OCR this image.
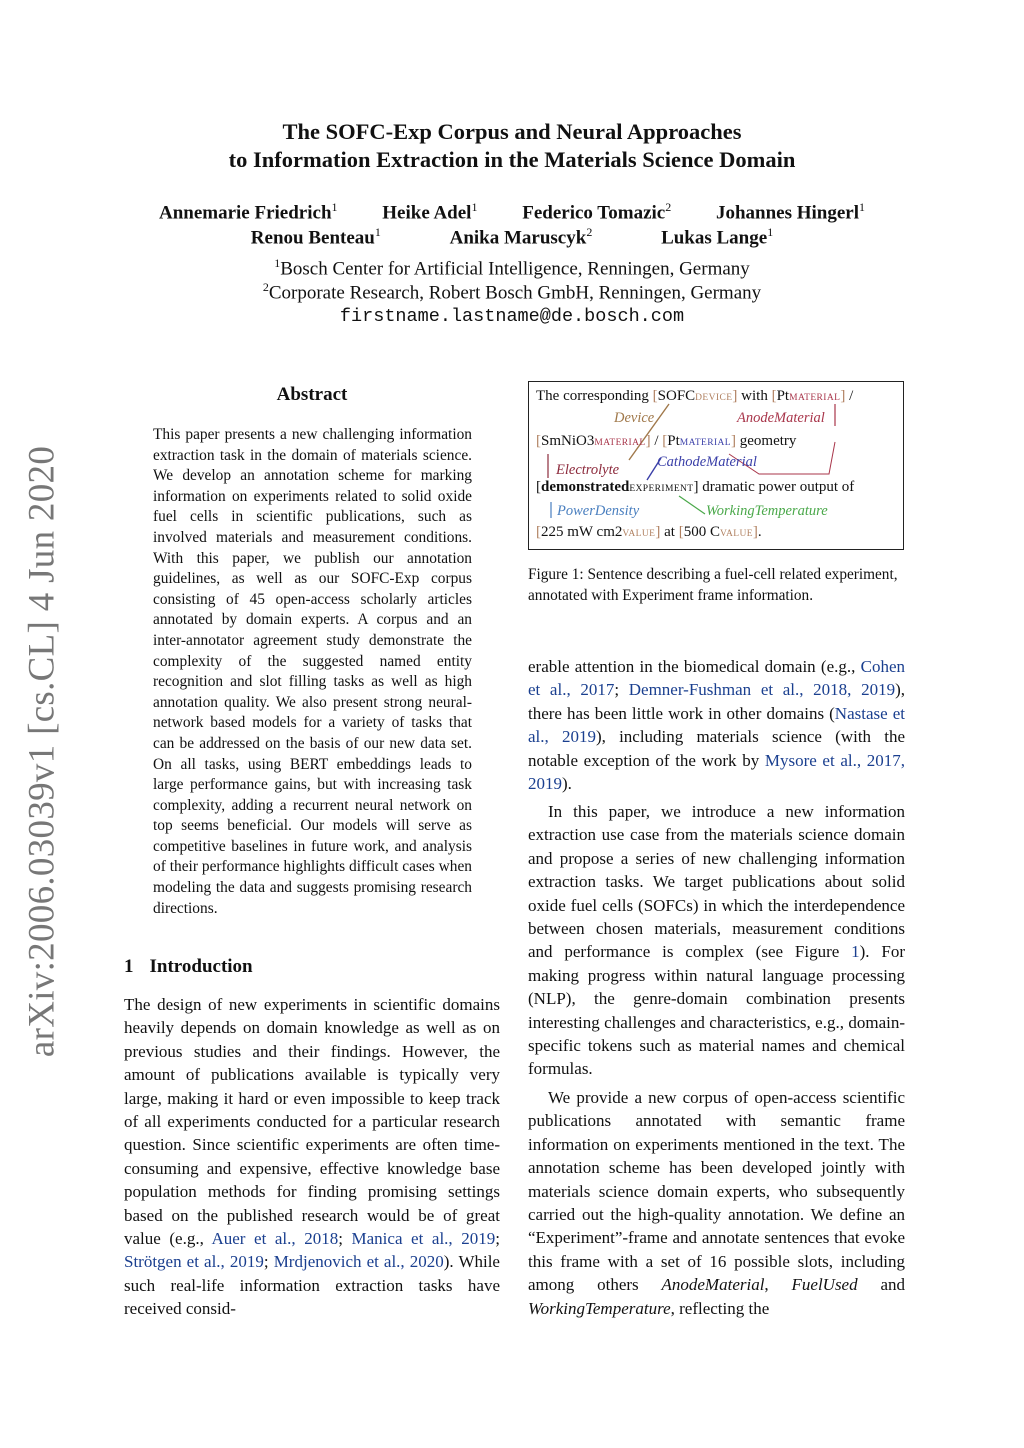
arXiv:2006.03039v1 [cs.CL] 4 Jun 2020
The SOFC-Exp Corpus and Neural Approaches
to Information Extraction in the Materials Science Domain
Annemarie Friedrich$^1$ Heike Adel$^1$ Federico Tomazic$^2$ Johannes Hingerl$^1$
Renou Benteau$^1$	Anika Maruscyk$^2$	Lukas Lange$^1$
$^1$Bosch Center for Artificial Intelligence, Renningen, Germany
$^2$Corporate Research, Robert Bosch GmbH, Renningen, Germany
firstname.lastname@de.bosch.com
Abstract
This paper presents a new challenging information extraction task in the domain of materials science. We develop an annotation scheme for marking information on experiments related to solid oxide fuel cells in scientific publications, such as involved materials and measurement conditions. With this paper, we publish our annotation guidelines, as well as our SOFC-Exp corpus consisting of 45 open-access scholarly articles annotated by domain experts. A corpus and an inter-annotator agreement study demonstrate the complexity of the suggested named entity recognition and slot filling tasks as well as high annotation quality. We also present strong neural-network based models for a variety of tasks that can be addressed on the basis of our new data set. On all tasks, using BERT embeddings leads to large performance gains, but with increasing task complexity, adding a recurrent neural network on top seems beneficial. Our models will serve as competitive baselines in future work, and analysis of their performance highlights difficult cases when modeling the data and suggests promising research directions.
1 Introduction
The design of new experiments in scientific domains heavily depends on domain knowledge as well as on previous studies and their findings. However, the amount of publications available is typically very large, making it hard or even impossible to keep track of all experiments conducted for a particular research question. Since scientific experiments are often time-consuming and expensive, effective knowledge base population methods for finding promising settings based on the published research would be of great value (e.g., Auer et al., 2018; Manica et al., 2019; Strötgen et al., 2019; Mrdjenovich et al., 2020). While such real-life information extraction tasks have received consid-
The corresponding [SOFCDEVICE] with [PtMATERIAL] /
Device	AnodeMaterial
[SmNiO3MATERIAL] / [PtMATERIAL] geometry
CathodeMaterial
Electrolyte
[demonstratedEXPERIMENT] dramatic power output of
PowerDensity	WorkingTemperature
[225 mW cm2VALUE] at [500 CVALUE].
Figure 1: Sentence describing a fuel-cell related experiment, annotated with Experiment frame information.
erable attention in the biomedical domain (e.g., Cohen et al., 2017; Demner-Fushman et al., 2018, 2019), there has been little work in other domains (Nastase et al., 2019), including materials science (with the notable exception of the work by Mysore et al., 2017, 2019).
In this paper, we introduce a new information extraction use case from the materials science domain and propose a series of new challenging information extraction tasks. We target publications about solid oxide fuel cells (SOFCs) in which the interdependence between chosen materials, measurement conditions and performance is complex (see Figure 1). For making progress within natural language processing (NLP), the genre-domain combination presents interesting challenges and characteristics, e.g., domain-specific tokens such as material names and chemical formulas.
We provide a new corpus of open-access scientific publications annotated with semantic frame information on experiments mentioned in the text. The annotation scheme has been developed jointly with materials science domain experts, who subsequently carried out the high-quality annotation. We define an “Experiment”-frame and annotate sentences that evoke this frame with a set of 16 possible slots, including among others AnodeMaterial, FuelUsed and WorkingTemperature, reflecting the
